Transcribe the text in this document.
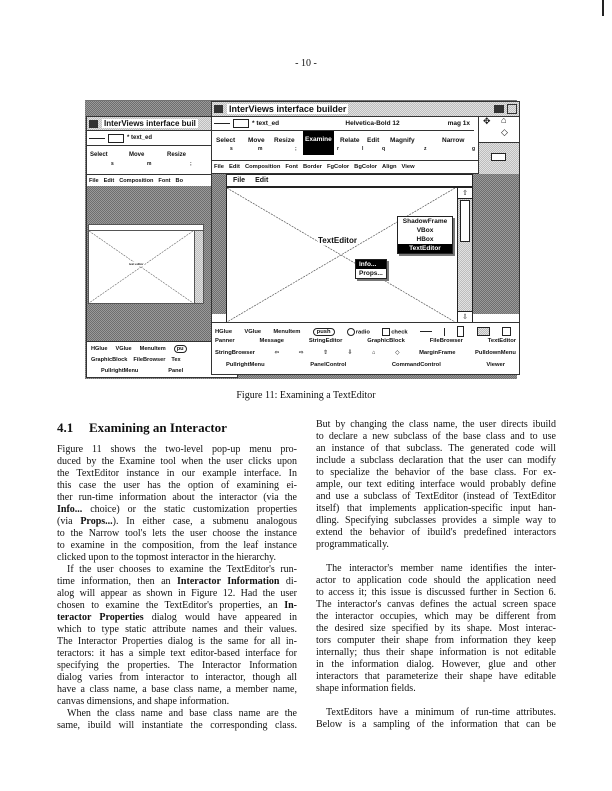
- 10 -
InterViews interface buil
* text_ed
Select	Move	Resize
s	m	;
File Edit Composition Font Bo
text editor
HGlue VGlue MenuItem	pu
GraphicBlock FileBrowser Tex
PullrightMenu	Panel
InterViews interface builder
* text_ed	Helvetica-Bold 12	mag 1x
Select Move Resize	Examine	Relate Edit Magnify	Narrow
s	m	;	r	l	q	z	g
File Edit Composition Font Border FgColor BgColor Align View
✥ ⌂
◇
File Edit
TextEditor
⇧
⇩
ShadowFrame
VBox
HBox
TextEditor
Info...
Props...
HGlue VGlue MenuItem	push	radio	check
Panner	Message	StringEditor	GraphicBlock	FileBrowser	TextEditor
StringBrowser	⇦	⇨	⇧	⇩	⌂	◇	MarginFrame	PulldownMenu
PullrightMenu	PanelControl	CommandControl	Viewer
Figure 11: Examining a TextEditor
4.1 Examining an Interactor

Figure 11 shows the two-level pop-up menu pro-

duced by the Examine tool when the user clicks upon

the TextEditor instance in our example interface. In

this case the user has the option of examining ei-

ther run-time information about the interactor (via the

Info... choice) or the static customization properties

(via Props...). In either case, a submenu analogous

to the Narrow tool's lets the user choose the instance

to examine in the composition, from the leaf instance

clicked upon to the topmost interactor in the hierarchy.

If the user chooses to examine the TextEditor's run-

time information, then an Interactor Information di-

alog will appear as shown in Figure 12. Had the user

chosen to examine the TextEditor's properties, an In-

teractor Properties dialog would have appeared in

which to type static attribute names and their values.

The Interactor Properties dialog is the same for all in-

teractors: it has a simple text editor-based interface for

specifying the properties. The Interactor Information

dialog varies from interactor to interactor, though all

have a class name, a base class name, a member name,

canvas dimensions, and shape information.

When the class name and base class name are the

same, ibuild will instantiate the corresponding class.

But by changing the class name, the user directs ibuild

to declare a new subclass of the base class and to use

an instance of that subclass. The generated code will

include a subclass declaration that the user can modify

to specialize the behavior of the base class. For ex-

ample, our text editing interface would probably define

and use a subclass of TextEditor (instead of TextEditor

itself) that implements application-specific input han-

dling. Specifying subclasses provides a simple way to

extend the behavior of ibuild's predefined interactors

programmatically.

The interactor's member name identifies the inter-

actor to application code should the application need

to access it; this issue is discussed further in Section 6.

The interactor's canvas defines the actual screen space

the interactor occupies, which may be different from

the desired size specified by its shape. Most interac-

tors computer their shape from information they keep

internally; thus their shape information is not editable

in the information dialog. However, glue and other

interactors that parameterize their shape have editable

shape information fields.

TextEditors have a minimum of run-time attributes.

Below is a sampling of the information that can be
